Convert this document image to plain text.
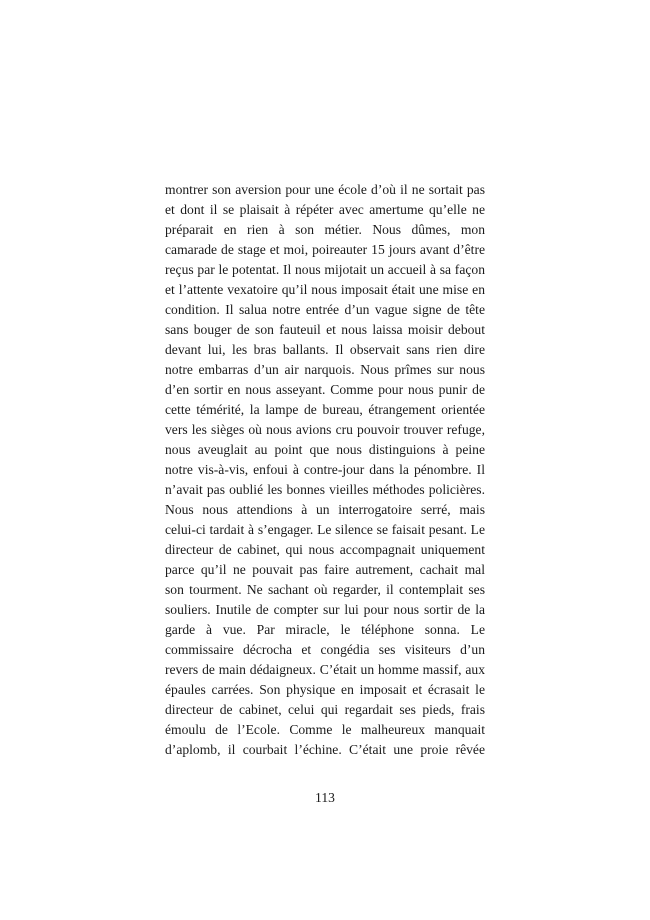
montrer son aversion pour une école d’où il ne sortait pas
et dont il se plaisait à répéter avec amertume qu’elle ne
préparait en rien à son métier. Nous dûmes, mon
camarade de stage et moi, poireauter 15 jours avant d’être
reçus par le potentat. Il nous mijotait un accueil à sa façon
et l’attente vexatoire qu’il nous imposait était une mise en
condition. Il salua notre entrée d’un vague signe de tête
sans bouger de son fauteuil et nous laissa moisir debout
devant lui, les bras ballants. Il observait sans rien dire
notre embarras d’un air narquois. Nous prîmes sur nous
d’en sortir en nous asseyant. Comme pour nous punir de
cette témérité, la lampe de bureau, étrangement orientée
vers les sièges où nous avions cru pouvoir trouver refuge,
nous aveuglait au point que nous distinguions à peine
notre vis-à-vis, enfoui à contre-jour dans la pénombre. Il
n’avait pas oublié les bonnes vieilles méthodes policières.
Nous nous attendions à un interrogatoire serré, mais
celui-ci tardait à s’engager. Le silence se faisait pesant. Le
directeur de cabinet, qui nous accompagnait uniquement
parce qu’il ne pouvait pas faire autrement, cachait mal
son tourment. Ne sachant où regarder, il contemplait ses
souliers. Inutile de compter sur lui pour nous sortir de la
garde à vue. Par miracle, le téléphone sonna. Le
commissaire décrocha et congédia ses visiteurs d’un
revers de main dédaigneux. C’était un homme massif, aux
épaules carrées. Son physique en imposait et écrasait le
directeur de cabinet, celui qui regardait ses pieds, frais
émoulu de l’Ecole. Comme le malheureux manquait
d’aplomb, il courbait l’échine. C’était une proie rêvée
113
